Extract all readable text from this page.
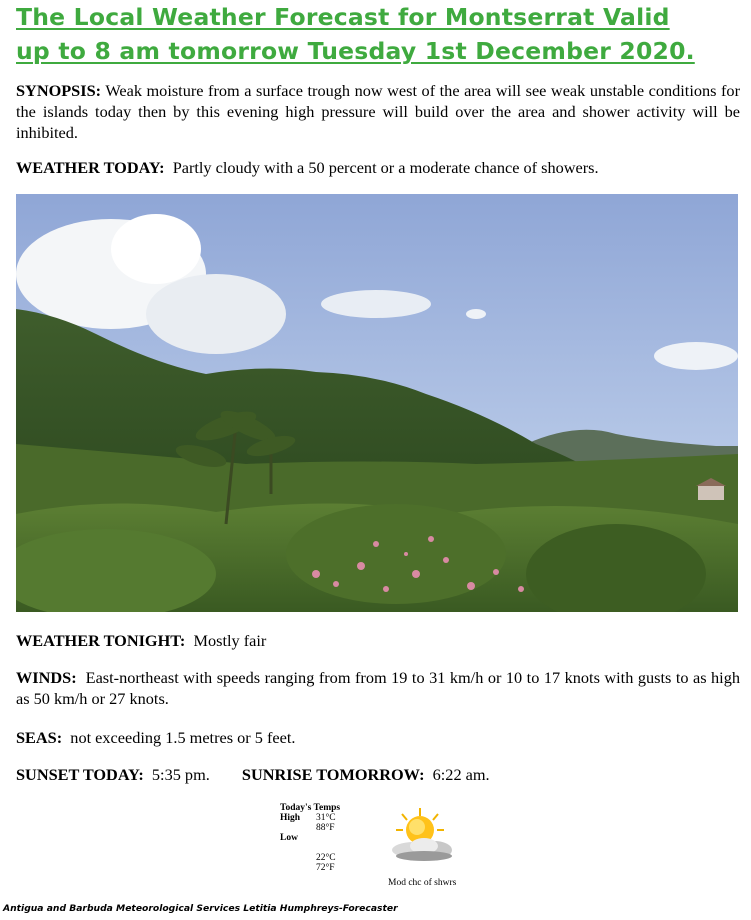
The Local Weather Forecast for Montserrat Valid
up to 8 am tomorrow Tuesday 1st December 2020.
SYNOPSIS: Weak moisture from a surface trough now west of the area will see weak unstable conditions for the islands today then by this evening high pressure will build over the area and shower activity will be inhibited.
WEATHER TODAY: Partly cloudy with a 50 percent or a moderate chance of showers.
WEATHER TONIGHT: Mostly fair
WINDS: East-northeast with speeds ranging from from 19 to 31 km/h or 10 to 17 knots with gusts to as high as 50 km/h or 27 knots.
SEAS: not exceeding 1.5 metres or 5 feet.
SUNSET TODAY: 5:35 pm. SUNRISE TOMORROW: 6:22 am.
Today's Temps
High 31°C
88°F
Low
22°C
72°F
Mod chc of shwrs
Antigua and Barbuda Meteorological Services Letitia Humphreys-Forecaster
